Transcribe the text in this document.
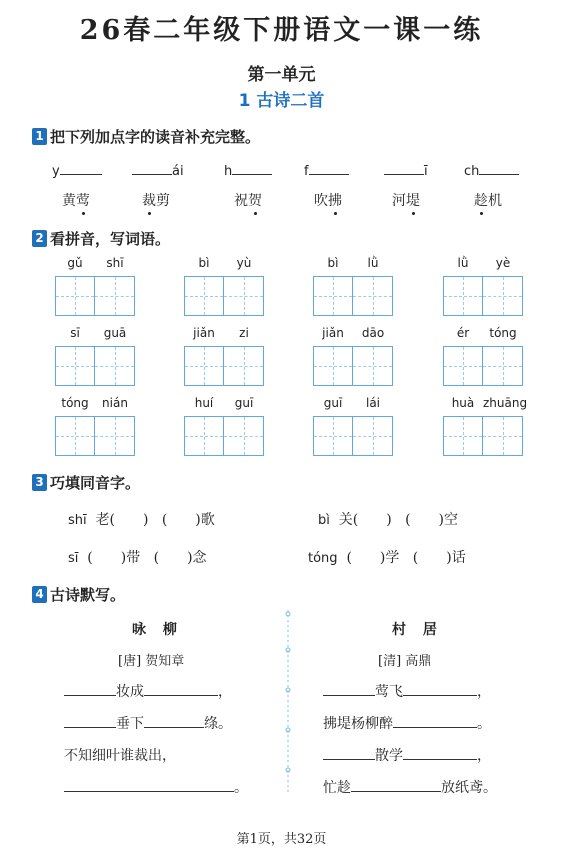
26春二年级下册语文一课一练
第一单元
1 古诗二首
1 把下列加点字的读音补充完整。
y	ái	h	f	ī	ch
黄莺	裁剪	祝贺	吹拂	河堤	趁机
2 看拼音，写词语。
gǔ	shī	bì	yù	bì	lǜ	lǜ	yè
sī	guā	jiǎn	zi	jiǎn	dāo	ér	tóng
tóng	nián	huí	guī	guī	lái	huà zhuāng
3 巧填同音字。
shī 老( ) ( )歌	bì 关( ) ( )空
sī ( )带 ( )念	tóng ( )学 ( )话
4 古诗默写。
咏 柳
[唐] 贺知章
妆成	，
垂下	绦。
不知细叶谁裁出，
。
村 居
[清] 高鼎
莺飞	，
拂堤杨柳醉	。
散学	，
忙趁	放纸鸢。
第1页，共32页
